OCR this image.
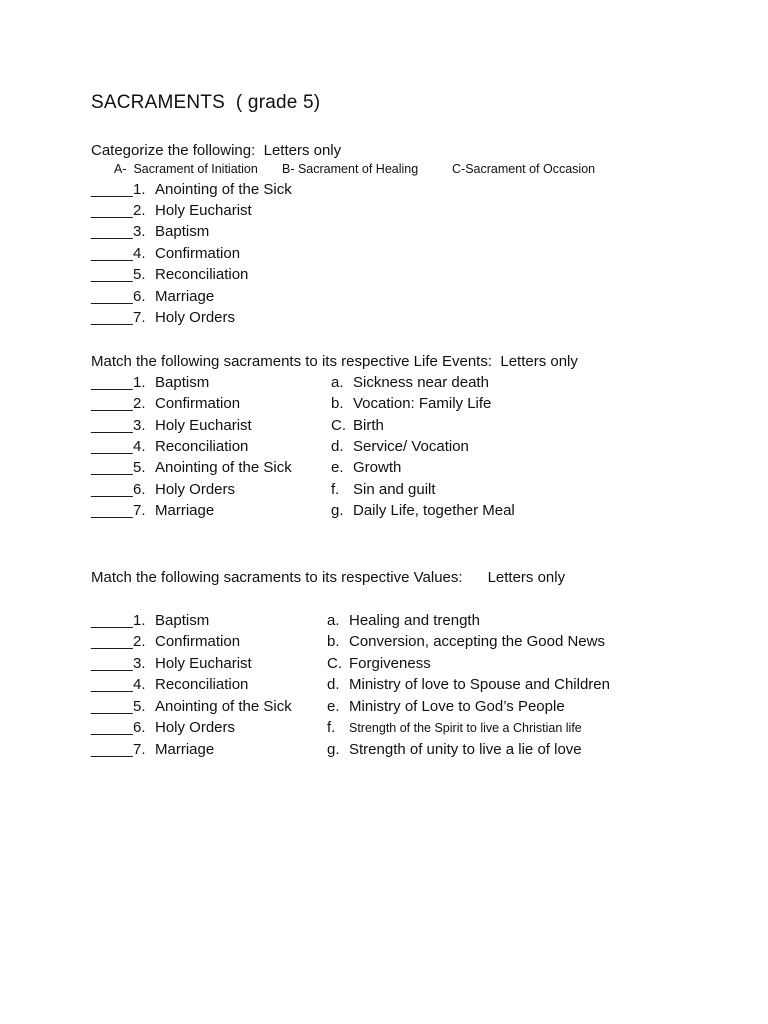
SACRAMENTS  ( grade 5)
Categorize the following:  Letters only

A-  Sacrament of Initiation

B- Sacrament of Healing

	C-Sacrament of Occasion

_____ 1. Anointing of the Sick
_____ 2. Holy Eucharist
_____ 3. Baptism
_____ 4. Confirmation
_____ 5. Reconciliation
_____ 6. Marriage
_____ 7. Holy Orders
Match the following sacraments to its respective Life Events:  Letters only
_____ 1. Baptism
_____ 2. Confirmation
_____ 3. Holy Eucharist
_____ 4. Reconciliation
_____ 5. Anointing of the Sick
_____ 6. Holy Orders
_____ 7. Marriage
a. Sickness near death
b. Vocation: Family Life
C. Birth
d. Service/ Vocation
e. Growth
f. Sin and guilt
g. Daily Life, together Meal
Match the following sacraments to its respective Values:      Letters only
_____ 1. Baptism
_____ 2. Confirmation
_____ 3. Holy Eucharist
_____ 4. Reconciliation
_____ 5. Anointing of the Sick
_____ 6. Holy Orders
_____ 7. Marriage
a. Healing and trength
b. Conversion, accepting the Good News
C. Forgiveness
d. Ministry of love to Spouse and Children
e. Ministry of Love to God’s People
f. Strength of the Spirit to live a Christian life
g. Strength of unity to live a lie of love
